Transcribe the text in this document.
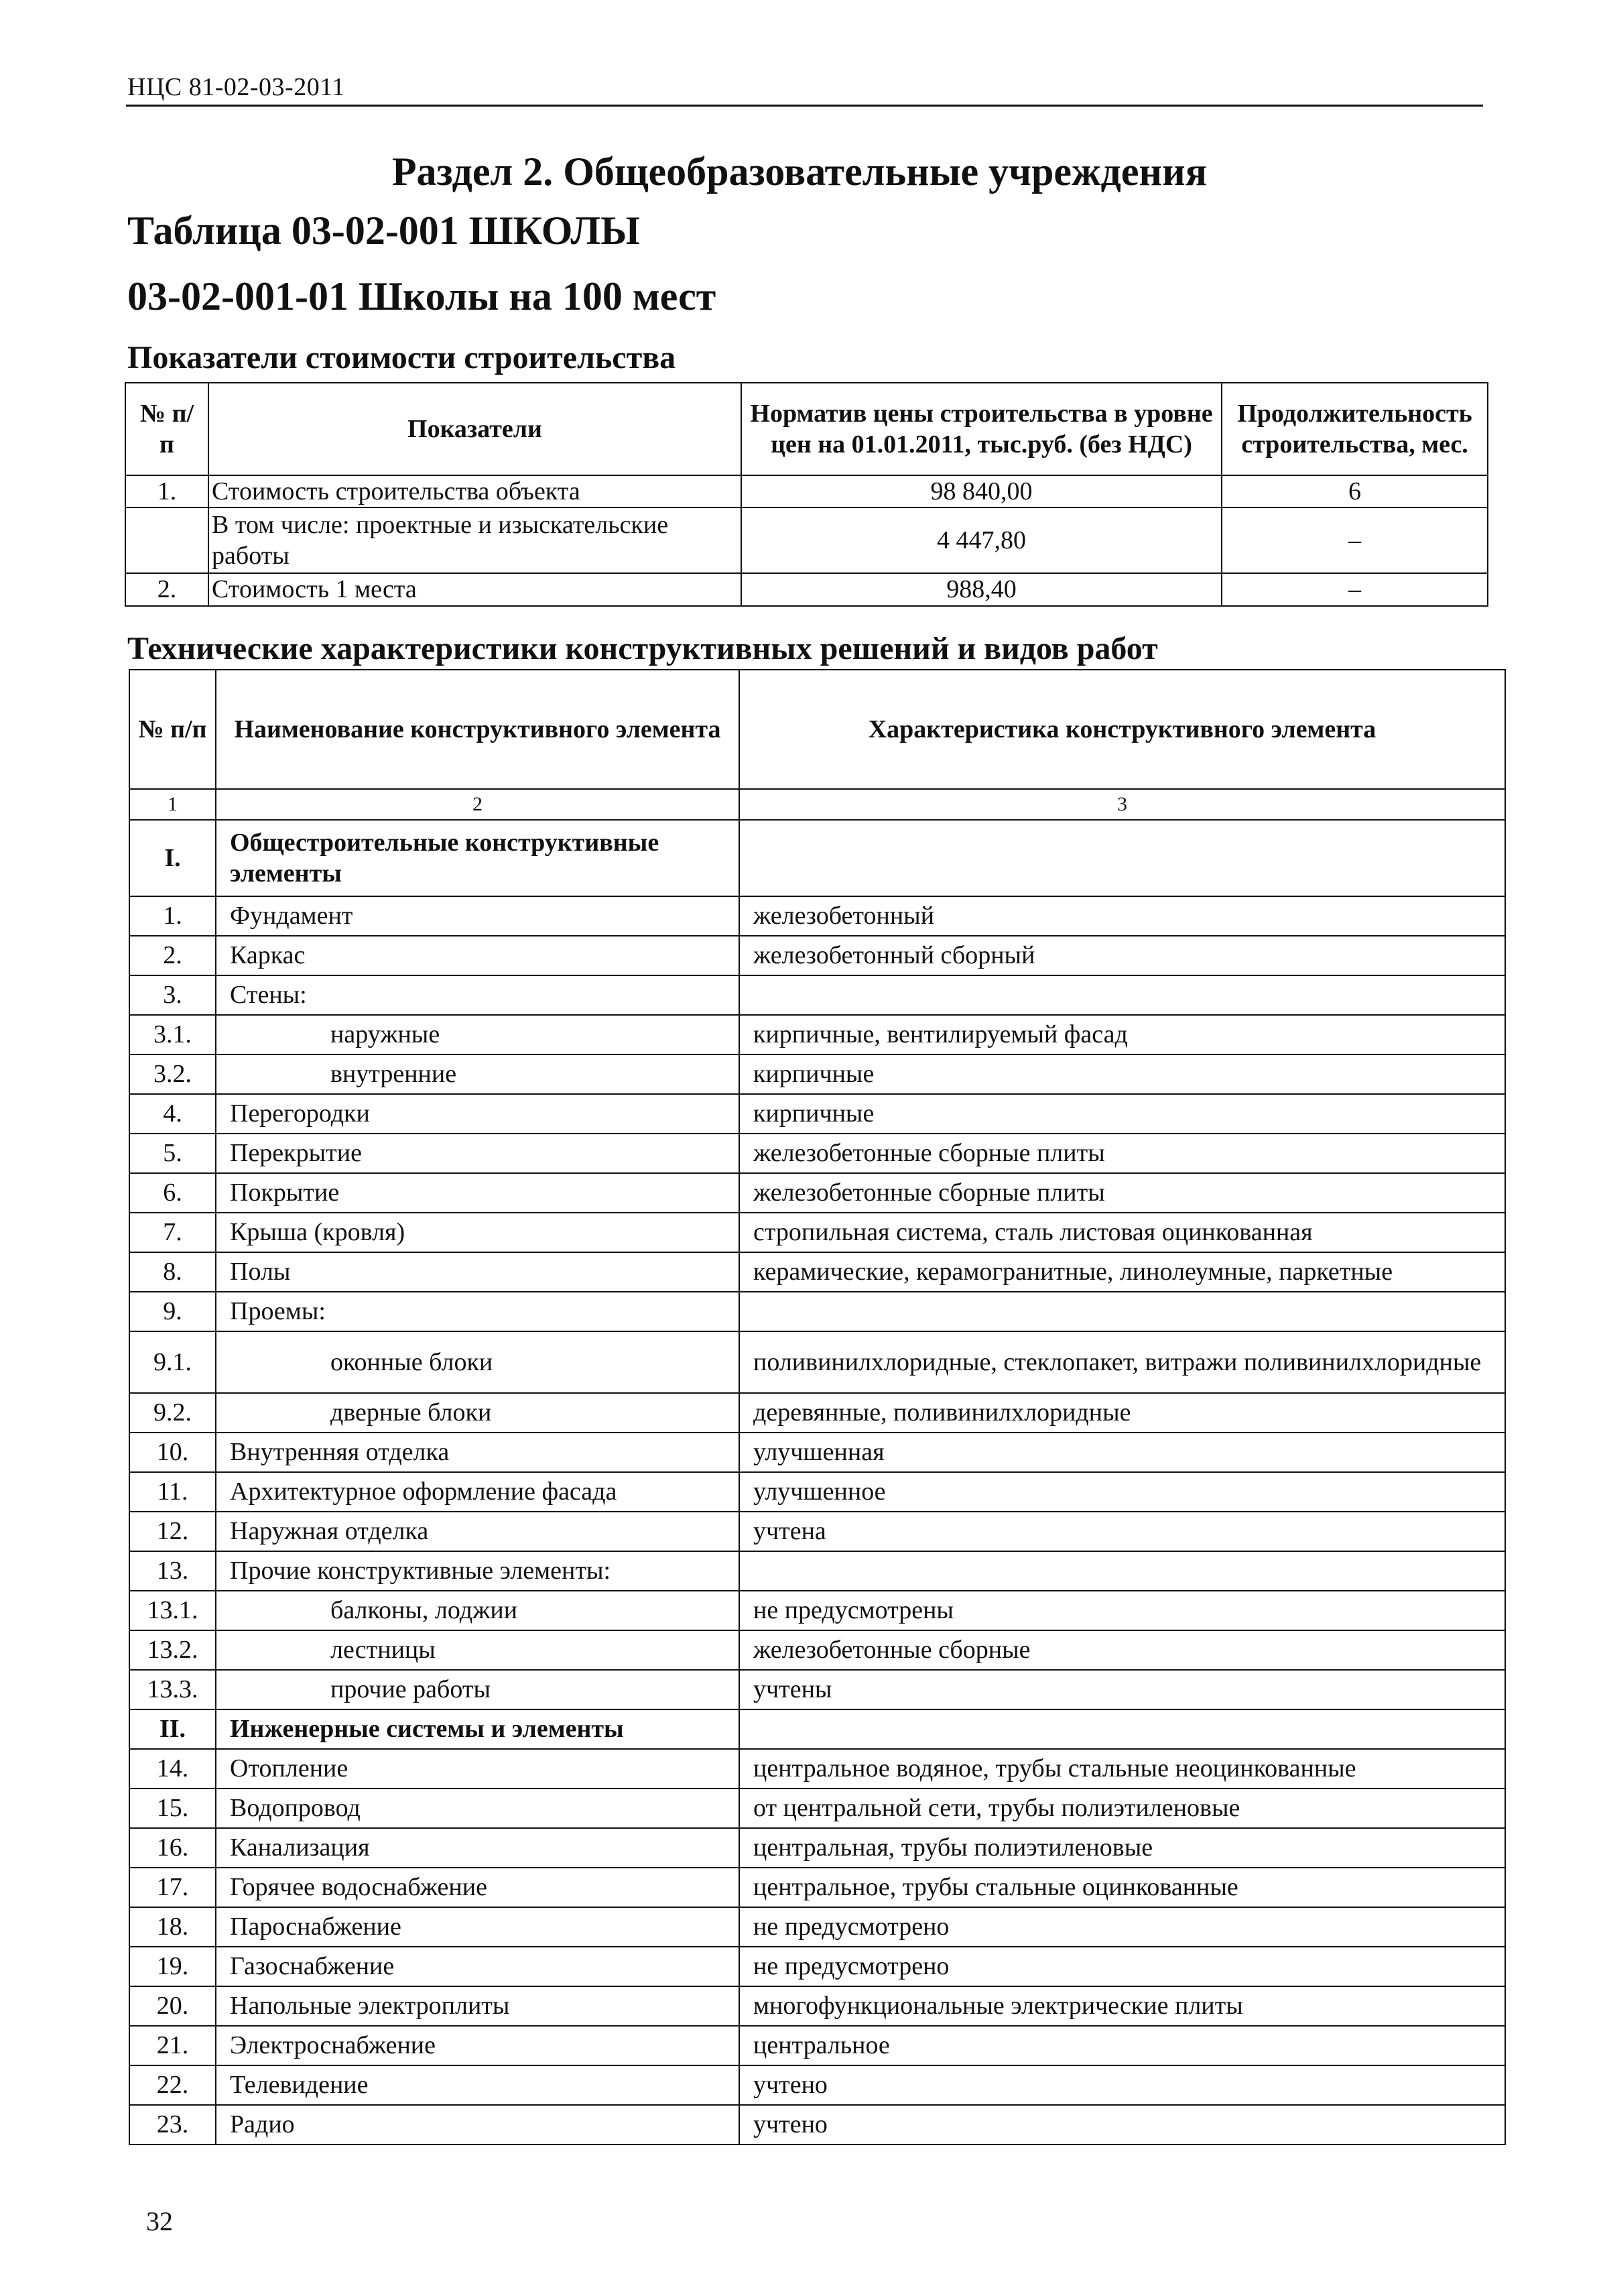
НЦС 81-02-03-2011
Раздел 2. Общеобразовательные учреждения
Таблица 03-02-001 ШКОЛЫ
03-02-001-01 Школы на 100 мест
Показатели стоимости строительства
№ п/п	Показатели	Норматив цены строительства в уровне цен на 01.01.2011, тыс.руб. (без НДС)	Продолжительность строительства, мес.
1.	Стоимость строительства объекта	98 840,00	6
	В том числе: проектные и изыскательские работы	4 447,80	–
2.	Стоимость 1 места	988,40	–
Технические характеристики конструктивных решений и видов работ
№ п/п	Наименование конструктивного элемента	Характеристика конструктивного элемента
1	2	3
I.	Общестроительные конструктивные элементы	
1.	Фундамент	железобетонный
2.	Каркас	железобетонный сборный
3.	Стены:	
3.1.	наружные	кирпичные, вентилируемый фасад
3.2.	внутренние	кирпичные
4.	Перегородки	кирпичные
5.	Перекрытие	железобетонные сборные плиты
6.	Покрытие	железобетонные сборные плиты
7.	Крыша (кровля)	стропильная система, сталь листовая оцинкованная
8.	Полы	керамические, керамогранитные, линолеумные, паркетные
9.	Проемы:	
9.1.	оконные блоки	поливинилхлоридные, стеклопакет, витражи поливинилхлоридные
9.2.	дверные блоки	деревянные, поливинилхлоридные
10.	Внутренняя отделка	улучшенная
11.	Архитектурное оформление фасада	улучшенное
12.	Наружная отделка	учтена
13.	Прочие конструктивные элементы:	
13.1.	балконы, лоджии	не предусмотрены
13.2.	лестницы	железобетонные сборные
13.3.	прочие работы	учтены
II.	Инженерные системы и элементы	
14.	Отопление	центральное водяное, трубы стальные неоцинкованные
15.	Водопровод	от центральной сети, трубы полиэтиленовые
16.	Канализация	центральная, трубы полиэтиленовые
17.	Горячее водоснабжение	центральное, трубы стальные оцинкованные
18.	Пароснабжение	не предусмотрено
19.	Газоснабжение	не предусмотрено
20.	Напольные электроплиты	многофункциональные электрические плиты
21.	Электроснабжение	центральное
22.	Телевидение	учтено
23.	Радио	учтено
32
